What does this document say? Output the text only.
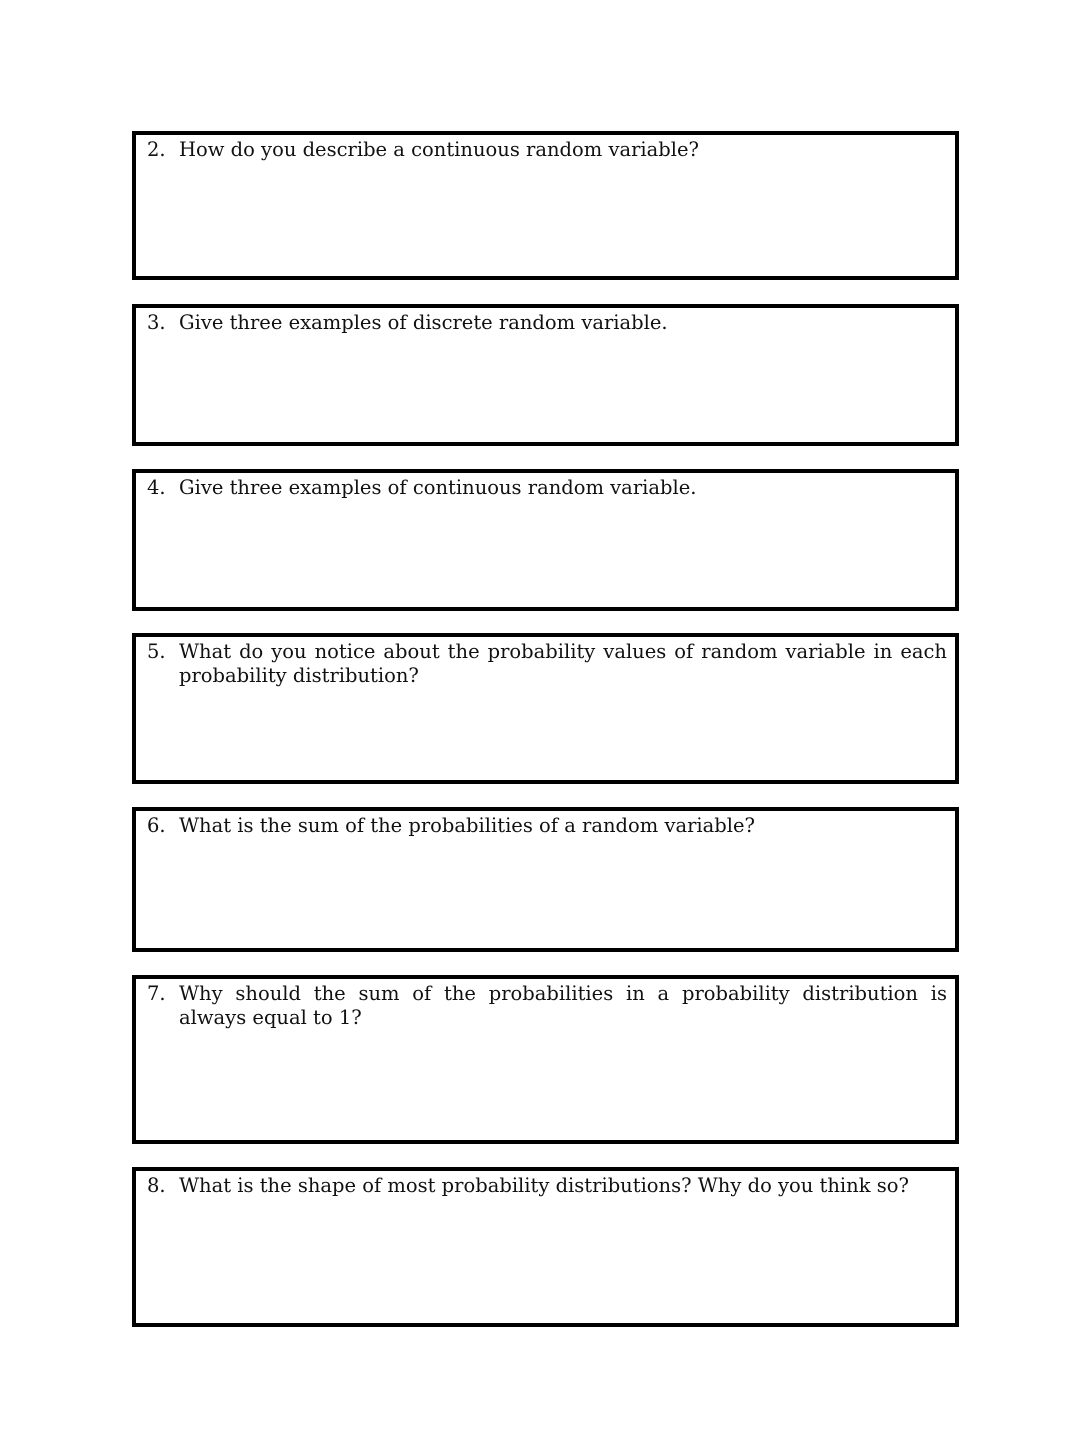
2. How do you describe a continuous random variable?
3. Give three examples of discrete random variable.
4. Give three examples of continuous random variable.
5. What do you notice about the probability values of random variable in each probability distribution?
6. What is the sum of the probabilities of a random variable?
7. Why should the sum of the probabilities in a probability distribution is always equal to 1?
8. What is the shape of most probability distributions? Why do you think so?
